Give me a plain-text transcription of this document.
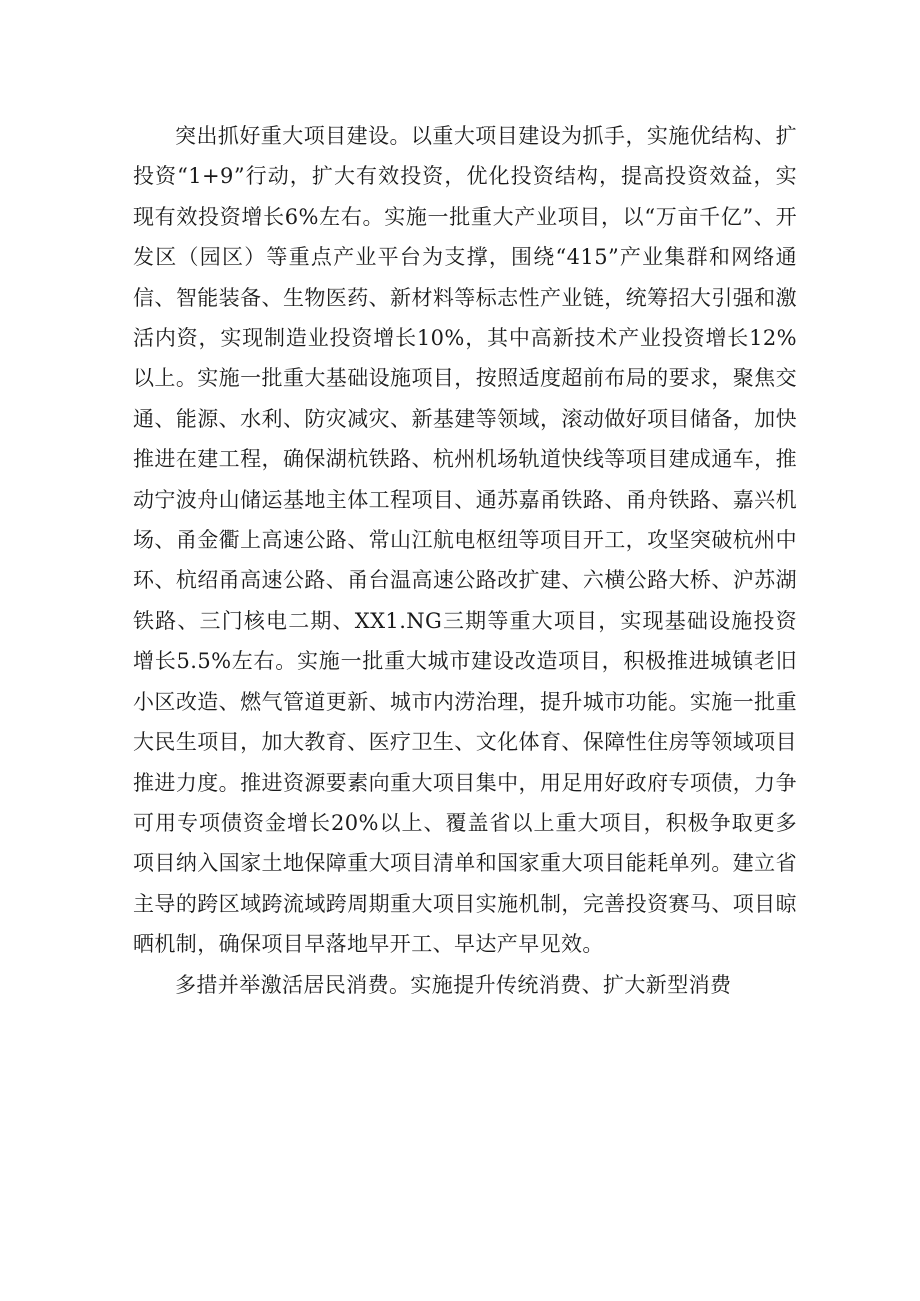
突出抓好重大项目建设。以重大项目建设为抓手，实施优结构、扩投资“1+9”行动，扩大有效投资，优化投资结构，提高投资效益，实现有效投资增长6%左右。实施一批重大产业项目，以“万亩千亿”、开发区（园区）等重点产业平台为支撑，围绕“415”产业集群和网络通信、智能装备、生物医药、新材料等标志性产业链，统筹招大引强和激活内资，实现制造业投资增长10%，其中高新技术产业投资增长12%以上。实施一批重大基础设施项目，按照适度超前布局的要求，聚焦交通、能源、水利、防灾减灾、新基建等领域，滚动做好项目储备，加快推进在建工程，确保湖杭铁路、杭州机场轨道快线等项目建成通车，推动宁波舟山储运基地主体工程项目、通苏嘉甬铁路、甬舟铁路、嘉兴机场、甬金衢上高速公路、常山江航电枢纽等项目开工，攻坚突破杭州中环、杭绍甬高速公路、甬台温高速公路改扩建、六横公路大桥、沪苏湖铁路、三门核电二期、XX1.NG三期等重大项目，实现基础设施投资增长5.5%左右。实施一批重大城市建设改造项目，积极推进城镇老旧小区改造、燃气管道更新、城市内涝治理，提升城市功能。实施一批重大民生项目，加大教育、医疗卫生、文化体育、保障性住房等领域项目推进力度。推进资源要素向重大项目集中，用足用好政府专项债，力争可用专项债资金增长20%以上、覆盖省以上重大项目，积极争取更多项目纳入国家土地保障重大项目清单和国家重大项目能耗单列。建立省主导的跨区域跨流域跨周期重大项目实施机制，完善投资赛马、项目晾晒机制，确保项目早落地早开工、早达产早见效。

多措并举激活居民消费。实施提升传统消费、扩大新型消费
